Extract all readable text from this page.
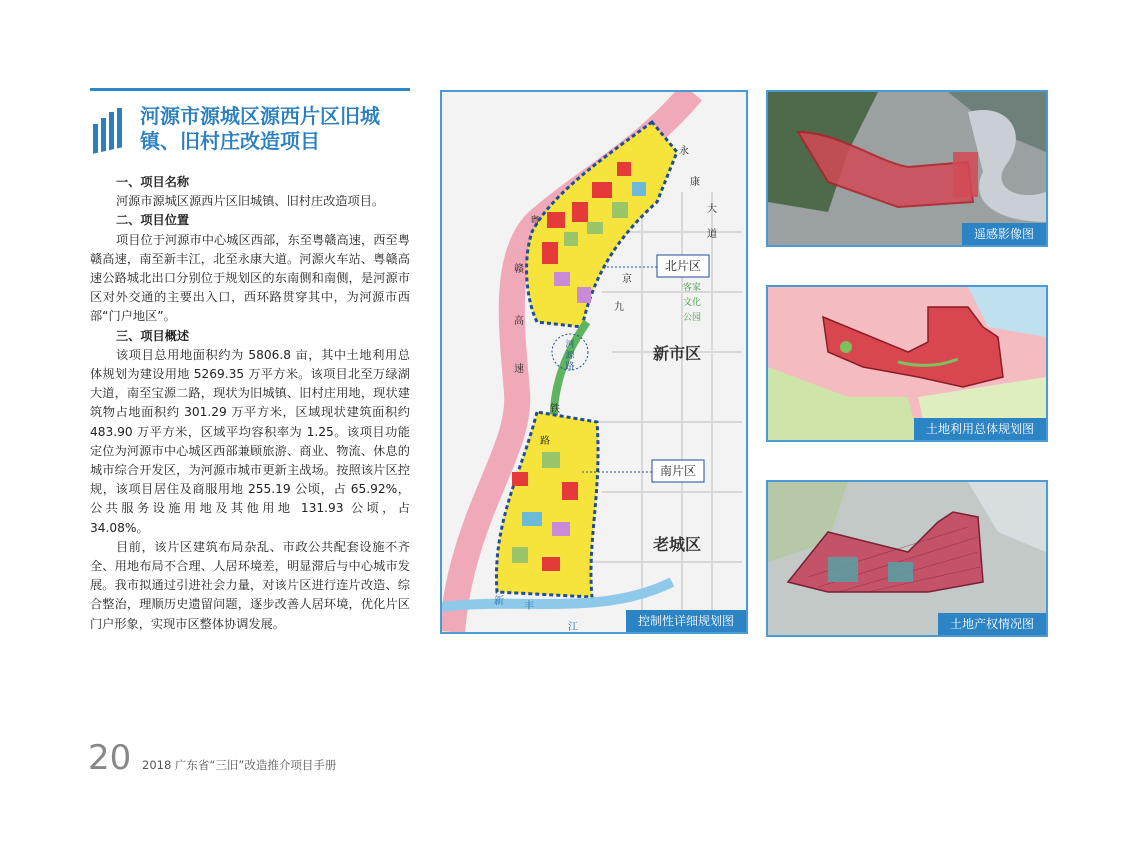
河源市源城区源西片区旧城
镇、旧村庄改造项目
一、项目名称

河源市源城区源西片区旧城镇、旧村庄改造项目。

二、项目位置

项目位于河源市中心城区西部，东至粤赣高速，西至粤赣高速，南至新丰江，北至永康大道。河源火车站、粤赣高速公路城北出口分别位于规划区的东南侧和南侧，是河源市区对外交通的主要出入口，西环路贯穿其中，为河源市西部“门户地区”。

三、项目概述

该项目总用地面积约为 5806.8 亩，其中土地利用总体规划为建设用地 5269.35 万平方米。该项目北至万绿湖大道，南至宝源二路，现状为旧城镇、旧村庄用地，现状建筑物占地面积约 301.29 万平方米，区域现状建筑面积约 483.90 万平方米，区域平均容积率为 1.25。该项目功能定位为河源市中心城区西部兼顾旅游、商业、物流、休息的城市综合开发区，为河源市城市更新主战场。按照该片区控规，该项目居住及商服用地 255.19 公顷，占 65.92%，公共服务设施用地及其他用地 131.93 公顷，占 34.08%。

目前，该片区建筑布局杂乱、市政公共配套设施不齐全、用地布局不合理、人居环境差，明显滞后与中心城市发展。我市拟通过引进社会力量，对该片区进行连片改造、综合整治，理顺历史遗留问题，逐步改善人居环境，优化片区门户形象，实现市区整体协调发展。

北片区
南片区
新市区
老城区
客家
文化
公园
永
康
大
道
粤
赣
高
速
京
九
铁
路
河
源
路
新 丰
江	控制性详细规划图
遥感影像图
土地利用总体规划图
土地产权情况图
20 2018 广东省“三旧”改造推介项目手册
